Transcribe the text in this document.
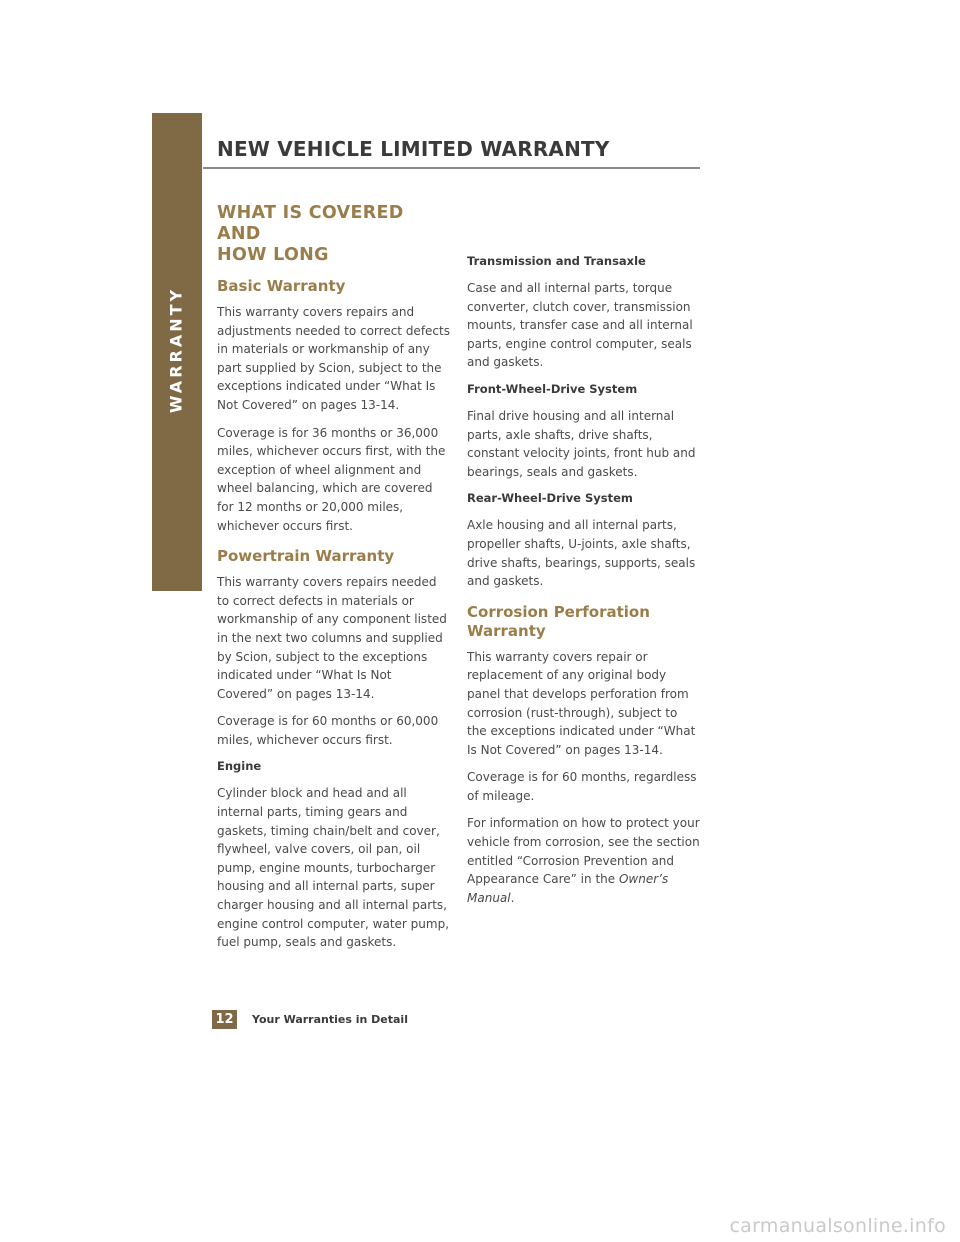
WARRANTY
NEW VEHICLE LIMITED WARRANTY
WHAT IS COVERED AND
HOW LONG
Basic Warranty

This warranty covers repairs and adjustments needed to correct defects in materials or workmanship of any part supplied by Scion, subject to the exceptions indicated under “What Is Not Covered” on pages 13-14.

Coverage is for 36 months or 36,000 miles, whichever occurs first, with the exception of wheel alignment and wheel balancing, which are covered for 12 months or 20,000 miles, whichever occurs first.

Powertrain Warranty

This warranty covers repairs needed to correct defects in materials or workmanship of any component listed in the next two columns and supplied by Scion, subject to the exceptions indicated under “What Is Not Covered” on pages 13-14.

Coverage is for 60 months or 60,000 miles, whichever occurs first.

Engine

Cylinder block and head and all internal parts, timing gears and gaskets, timing chain/belt and cover, flywheel, valve covers, oil pan, oil pump, engine mounts, turbocharger housing and all internal parts, super charger housing and all internal parts, engine control computer, water pump, fuel pump, seals and gaskets.

Transmission and Transaxle

Case and all internal parts, torque converter, clutch cover, transmission mounts, transfer case and all internal parts, engine control computer, seals and gaskets.

Front-Wheel-Drive System

Final drive housing and all internal parts, axle shafts, drive shafts, constant velocity joints, front hub and bearings, seals and gaskets.

Rear-Wheel-Drive System

Axle housing and all internal parts, propeller shafts, U-joints, axle shafts, drive shafts, bearings, supports, seals and gaskets.

Corrosion Perforation Warranty

This warranty covers repair or replacement of any original body panel that develops perforation from corrosion (rust-through), subject to the exceptions indicated under “What Is Not Covered” on pages 13-14.

Coverage is for 60 months, regardless of mileage.

For information on how to protect your vehicle from corrosion, see the section entitled “Corrosion Prevention and Appearance Care” in the Owner’s Manual.

12	Your Warranties in Detail
carmanualsonline.info
